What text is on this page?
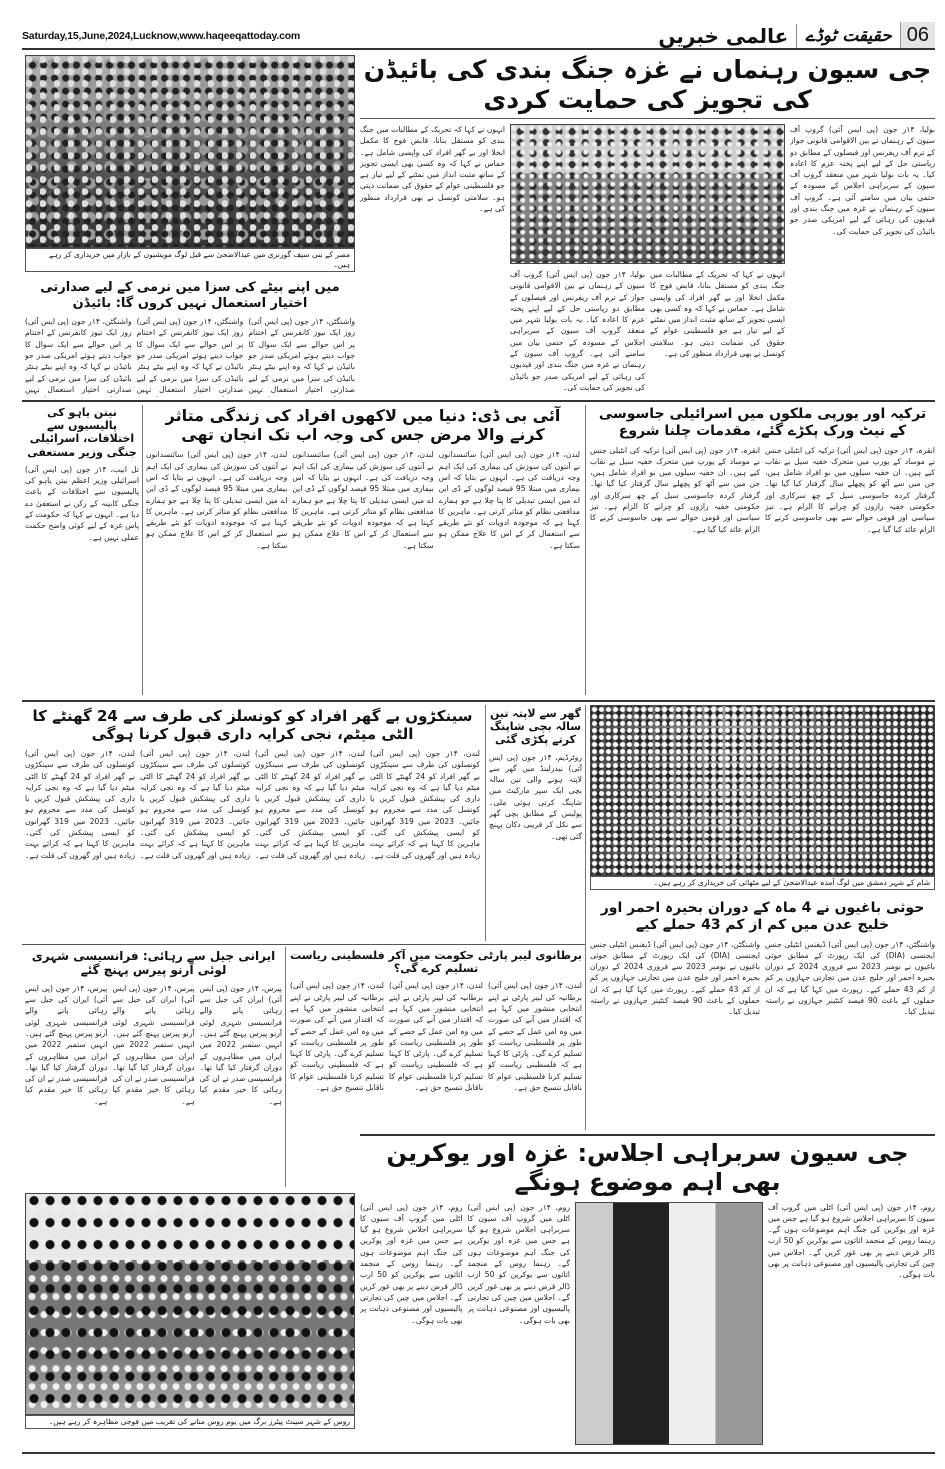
Saturday,15,June,2024,Lucknow,www.haqeeqattoday.com	06
حقیقت ٹوڈے
عالمی خبریں
مصر کے بنی سیف گورنری میں عیدالاضحیٰ سے قبل لوگ مویشیوں کے بازار میں خریداری کر رہے ہیں۔
جی سیون رہنماں نے غزہ جنگ بندی کی بائیڈن کی تجویز کی حمایت کردی
بولیا، ۱۴ر جون (پی ایس آئی) گروپ آف سیون کے رہنماں نے بین الاقوامی قانونی جواز کے ترم آف ریفرنس اور فیصلوں کے مطابق دو ریاستی حل کے لیے اپنے پختہ عزم کا اعادہ کیا۔ یہ بات بولیا شہر میں منعقد گروپ آف سیون کے سربراہی اجلاس کے مسودہ کے حتمی بیان میں سامنے آئی ہے۔ گروپ آف سیون کے رہنماں نے غزہ میں جنگ بندی اور قیدیوں کی رہائی کے لیے امریکی صدر جو بائیڈن کی تجویز کی حمایت کی۔
انہوں نے کہا کہ تحریک کے مطالبات میں جنگ بندی کو مستقل بنانا، قابض فوج کا مکمل انخلا اور بے گھر افراد کی واپسی شامل ہے۔ حماس نے کہا کہ وہ کسی بھی ایسی تجویز کے ساتھ مثبت انداز میں نمٹنے کے لیے تیار ہے جو فلسطینی عوام کے حقوق کی ضمانت دیتی ہو۔ سلامتی کونسل نے بھی قرارداد منظور کی ہے۔
بولیا، ۱۴ر جون (پی ایس آئی) گروپ آف سیون کے رہنماں نے بین الاقوامی قانونی جواز کے ترم آف ریفرنس اور فیصلوں کے مطابق دو ریاستی حل کے لیے اپنے پختہ عزم کا اعادہ کیا۔ یہ بات بولیا شہر میں منعقد گروپ آف سیون کے سربراہی اجلاس کے مسودہ کے حتمی بیان میں سامنے آئی ہے۔ گروپ آف سیون کے رہنماں نے غزہ میں جنگ بندی اور قیدیوں کی رہائی کے لیے امریکی صدر جو بائیڈن کی تجویز کی حمایت کی۔
انہوں نے کہا کہ تحریک کے مطالبات میں جنگ بندی کو مستقل بنانا، قابض فوج کا مکمل انخلا اور بے گھر افراد کی واپسی شامل ہے۔ حماس نے کہا کہ وہ کسی بھی ایسی تجویز کے ساتھ مثبت انداز میں نمٹنے کے لیے تیار ہے جو فلسطینی عوام کے حقوق کی ضمانت دیتی ہو۔ سلامتی کونسل نے بھی قرارداد منظور کی ہے۔
میں اپنے بیٹے کی سزا میں نرمی کے لیے صدارتی اختیار استعمال نہیں کروں گا: بائیڈن
واشنگٹن، ۱۴ر جون (پی ایس آئی) روز ایک نیوز کانفرنس کے اختتام پر اس حوالے سے ایک سوال کا جواب دیتے ہوئے امریکی صدر جو بائیڈن نے کہا کہ وہ اپنے بیٹے ہنٹر بائیڈن کی سزا میں نرمی کے لیے صدارتی اختیار استعمال نہیں
واشنگٹن، ۱۴ر جون (پی ایس آئی) روز ایک نیوز کانفرنس کے اختتام پر اس حوالے سے ایک سوال کا جواب دیتے ہوئے امریکی صدر جو بائیڈن نے کہا کہ وہ اپنے بیٹے ہنٹر بائیڈن کی سزا میں نرمی کے لیے صدارتی اختیار استعمال نہیں
واشنگٹن، ۱۴ر جون (پی ایس آئی) روز ایک نیوز کانفرنس کے اختتام پر اس حوالے سے ایک سوال کا جواب دیتے ہوئے امریکی صدر جو بائیڈن نے کہا کہ وہ اپنے بیٹے ہنٹر بائیڈن کی سزا میں نرمی کے لیے صدارتی اختیار استعمال نہیں
ترکیہ اور یورپی ملکوں میں اسرائیلی جاسوسی کے نیٹ ورک پکڑے گئے، مقدمات چلنا شروع
انقرہ، ۱۴ر جون (پی ایس آئی) ترکیہ کی انٹیلی جنس نے موساد کے یورپ میں متحرک خفیہ سیل بے نقاب کیے ہیں۔ ان خفیہ سیلوں میں نو افراد شامل ہیں، جن میں سے آٹھ کو پچھلے سال گرفتار کیا گیا تھا۔ گرفتار کردہ جاسوسی سیل کے چھ سرکاری اور حکومتی خفیہ رازوں کو چرانے کا الزام ہے۔ تیز سیاسی اور قومی حوالے سے بھی جاسوسی کرنے کا الزام عائد کیا گیا ہے۔
انقرہ، ۱۴ر جون (پی ایس آئی) ترکیہ کی انٹیلی جنس نے موساد کے یورپ میں متحرک خفیہ سیل بے نقاب کیے ہیں۔ ان خفیہ سیلوں میں نو افراد شامل ہیں، جن میں سے آٹھ کو پچھلے سال گرفتار کیا گیا تھا۔ گرفتار کردہ جاسوسی سیل کے چھ سرکاری اور حکومتی خفیہ رازوں کو چرانے کا الزام ہے۔ تیز سیاسی اور قومی حوالے سے بھی جاسوسی کرنے کا الزام عائد کیا گیا ہے۔
آئی بی ڈی: دنیا میں لاکھوں افراد کی زندگی متاثر کرنے والا مرض جس کی وجہ اب تک انجان تھی
لندن، ۱۴ر جون (پی ایس آئی) سائنسدانوں نے آنتوں کی سوزش کی بیماری کی ایک اہم وجہ دریافت کی ہے۔ انہوں نے بتایا کہ اس بیماری میں مبتلا 95 فیصد لوگوں کے ڈی این اے میں ایسی تبدیلی کا پتا چلا ہے جو ہمارے مدافعتی نظام کو متاثر کرتی ہے۔ ماہرین کا کہنا ہے کہ موجودہ ادویات کو نئے طریقے سے استعمال کر کے اس کا علاج ممکن ہو سکتا ہے۔
لندن، ۱۴ر جون (پی ایس آئی) سائنسدانوں نے آنتوں کی سوزش کی بیماری کی ایک اہم وجہ دریافت کی ہے۔ انہوں نے بتایا کہ اس بیماری میں مبتلا 95 فیصد لوگوں کے ڈی این اے میں ایسی تبدیلی کا پتا چلا ہے جو ہمارے مدافعتی نظام کو متاثر کرتی ہے۔ ماہرین کا کہنا ہے کہ موجودہ ادویات کو نئے طریقے سے استعمال کر کے اس کا علاج ممکن ہو سکتا ہے۔
لندن، ۱۴ر جون (پی ایس آئی) سائنسدانوں نے آنتوں کی سوزش کی بیماری کی ایک اہم وجہ دریافت کی ہے۔ انہوں نے بتایا کہ اس بیماری میں مبتلا 95 فیصد لوگوں کے ڈی این اے میں ایسی تبدیلی کا پتا چلا ہے جو ہمارے مدافعتی نظام کو متاثر کرتی ہے۔ ماہرین کا کہنا ہے کہ موجودہ ادویات کو نئے طریقے سے استعمال کر کے اس کا علاج ممکن ہو سکتا ہے۔
نیتن یاہو کی پالیسیوں سے اختلافات، اسرائیلی جنگی وزیر مستعفی
تل ابیب، ۱۴ر جون (پی ایس آئی) اسرائیلی وزیر اعظم نیتن یاہو کی پالیسیوں سے اختلافات کے باعث جنگی کابینہ کے رکن نے استعفیٰ دے دیا ہے۔ انہوں نے کہا کہ حکومت کے پاس غزہ کے لیے کوئی واضح حکمت عملی نہیں ہے۔
سینکڑوں بے گھر افراد کو کونسلز کی طرف سے 24 گھنٹے کا الٹی میٹم، نجی کرایہ داری قبول کرنا ہوگی
لندن، ۱۴ر جون (پی ایس آئی) کونسلوں کی طرف سے سینکڑوں بے گھر افراد کو 24 گھنٹے کا الٹی میٹم دیا گیا ہے کہ وہ نجی کرایہ داری کی پیشکش قبول کریں یا کونسل کی مدد سے محروم ہو جائیں۔ 2023 میں 319 گھرانوں کو ایسی پیشکش کی گئی۔ ماہرین کا کہنا ہے کہ کرائے بہت زیادہ ہیں اور گھروں کی قلت ہے۔
لندن، ۱۴ر جون (پی ایس آئی) کونسلوں کی طرف سے سینکڑوں بے گھر افراد کو 24 گھنٹے کا الٹی میٹم دیا گیا ہے کہ وہ نجی کرایہ داری کی پیشکش قبول کریں یا کونسل کی مدد سے محروم ہو جائیں۔ 2023 میں 319 گھرانوں کو ایسی پیشکش کی گئی۔ ماہرین کا کہنا ہے کہ کرائے بہت زیادہ ہیں اور گھروں کی قلت ہے۔
لندن، ۱۴ر جون (پی ایس آئی) کونسلوں کی طرف سے سینکڑوں بے گھر افراد کو 24 گھنٹے کا الٹی میٹم دیا گیا ہے کہ وہ نجی کرایہ داری کی پیشکش قبول کریں یا کونسل کی مدد سے محروم ہو جائیں۔ 2023 میں 319 گھرانوں کو ایسی پیشکش کی گئی۔ ماہرین کا کہنا ہے کہ کرائے بہت زیادہ ہیں اور گھروں کی قلت ہے۔
لندن، ۱۴ر جون (پی ایس آئی) کونسلوں کی طرف سے سینکڑوں بے گھر افراد کو 24 گھنٹے کا الٹی میٹم دیا گیا ہے کہ وہ نجی کرایہ داری کی پیشکش قبول کریں یا کونسل کی مدد سے محروم ہو جائیں۔ 2023 میں 319 گھرانوں کو ایسی پیشکش کی گئی۔ ماہرین کا کہنا ہے کہ کرائے بہت زیادہ ہیں اور گھروں کی قلت ہے۔
گھر سے لاپتہ تین سالہ بچی شاپنگ کرتے پکڑی گئی
روٹرڈیم، ۱۴ر جون (پی ایس آئی) نیدرلینڈ میں گھر سے لاپتہ ہونے والی تین سالہ بچی ایک سپر مارکیٹ میں شاپنگ کرتی ہوئی ملی۔ پولیس کے مطابق بچی گھر سے نکل کر قریبی دکان پہنچ گئی تھی۔
شام کے شہر دمشق میں لوگ آمدہ عیدالاضحیٰ کے لیے مٹھائی کی خریداری کر رہے ہیں۔
حوثی باغیوں نے 4 ماہ کے دوران بحیرہ احمر اور خلیج عدن میں کم از کم 43 حملے کیے
واشنگٹن، ۱۴ر جون (پی ایس آئی) ڈیفنس انٹیلی جنس ایجنسی (DIA) کی ایک رپورٹ کے مطابق حوثی باغیوں نے نومبر 2023 سے فروری 2024 کے دوران بحیرہ احمر اور خلیج عدن میں تجارتی جہازوں پر کم از کم 43 حملے کیے۔ رپورٹ میں کہا گیا ہے کہ ان حملوں کے باعث 90 فیصد کنٹینر جہازوں نے راستہ تبدیل کیا۔
واشنگٹن، ۱۴ر جون (پی ایس آئی) ڈیفنس انٹیلی جنس ایجنسی (DIA) کی ایک رپورٹ کے مطابق حوثی باغیوں نے نومبر 2023 سے فروری 2024 کے دوران بحیرہ احمر اور خلیج عدن میں تجارتی جہازوں پر کم از کم 43 حملے کیے۔ رپورٹ میں کہا گیا ہے کہ ان حملوں کے باعث 90 فیصد کنٹینر جہازوں نے راستہ تبدیل کیا۔
برطانوی لیبر پارٹی حکومت میں آکر فلسطینی ریاست تسلیم کرے گی؟
لندن، ۱۴ر جون (پی ایس آئی) برطانیہ کی لیبر پارٹی نے اپنے انتخابی منشور میں کہا ہے کہ اقتدار میں آنے کی صورت میں وہ امن عمل کے حصے کے طور پر فلسطینی ریاست کو تسلیم کرے گی۔ پارٹی کا کہنا ہے کہ فلسطینی ریاست کو تسلیم کرنا فلسطینی عوام کا ناقابل تنسیخ حق ہے۔
لندن، ۱۴ر جون (پی ایس آئی) برطانیہ کی لیبر پارٹی نے اپنے انتخابی منشور میں کہا ہے کہ اقتدار میں آنے کی صورت میں وہ امن عمل کے حصے کے طور پر فلسطینی ریاست کو تسلیم کرے گی۔ پارٹی کا کہنا ہے کہ فلسطینی ریاست کو تسلیم کرنا فلسطینی عوام کا ناقابل تنسیخ حق ہے۔
لندن، ۱۴ر جون (پی ایس آئی) برطانیہ کی لیبر پارٹی نے اپنے انتخابی منشور میں کہا ہے کہ اقتدار میں آنے کی صورت میں وہ امن عمل کے حصے کے طور پر فلسطینی ریاست کو تسلیم کرے گی۔ پارٹی کا کہنا ہے کہ فلسطینی ریاست کو تسلیم کرنا فلسطینی عوام کا ناقابل تنسیخ حق ہے۔
ایرانی جیل سے رہائی: فرانسیسی شہری لوئی آرنو پیرس پہنچ گئے
پیرس، ۱۴ر جون (پی ایس آئی) ایران کی جیل سے رہائی پانے والے فرانسیسی شہری لوئی آرنو پیرس پہنچ گئے ہیں۔ انہیں ستمبر 2022 میں ایران میں مظاہروں کے دوران گرفتار کیا گیا تھا۔ فرانسیسی صدر نے ان کی رہائی کا خیر مقدم کیا ہے۔
پیرس، ۱۴ر جون (پی ایس آئی) ایران کی جیل سے رہائی پانے والے فرانسیسی شہری لوئی آرنو پیرس پہنچ گئے ہیں۔ انہیں ستمبر 2022 میں ایران میں مظاہروں کے دوران گرفتار کیا گیا تھا۔ فرانسیسی صدر نے ان کی رہائی کا خیر مقدم کیا ہے۔
پیرس، ۱۴ر جون (پی ایس آئی) ایران کی جیل سے رہائی پانے والے فرانسیسی شہری لوئی آرنو پیرس پہنچ گئے ہیں۔ انہیں ستمبر 2022 میں ایران میں مظاہروں کے دوران گرفتار کیا گیا تھا۔ فرانسیسی صدر نے ان کی رہائی کا خیر مقدم کیا ہے۔
جی سیون سربراہی اجلاس: غزہ اور یوکرین بھی اہم موضوع ہونگے
روم، ۱۴ر جون (پی ایس آئی) اٹلی میں گروپ آف سیون کا سربراہی اجلاس شروع ہو گیا ہے جس میں غزہ اور یوکرین کی جنگ اہم موضوعات ہوں گے۔ رہنما روس کے منجمد اثاثوں سے یوکرین کو 50 ارب ڈالر قرض دینے پر بھی غور کریں گے۔ اجلاس میں چین کی تجارتی پالیسیوں اور مصنوعی ذہانت پر بھی بات ہوگی۔
روم، ۱۴ر جون (پی ایس آئی) اٹلی میں گروپ آف سیون کا سربراہی اجلاس شروع ہو گیا ہے جس میں غزہ اور یوکرین کی جنگ اہم موضوعات ہوں گے۔ رہنما روس کے منجمد اثاثوں سے یوکرین کو 50 ارب ڈالر قرض دینے پر بھی غور کریں گے۔ اجلاس میں چین کی تجارتی پالیسیوں اور مصنوعی ذہانت پر بھی بات ہوگی۔
روم، ۱۴ر جون (پی ایس آئی) اٹلی میں گروپ آف سیون کا سربراہی اجلاس شروع ہو گیا ہے جس میں غزہ اور یوکرین کی جنگ اہم موضوعات ہوں گے۔ رہنما روس کے منجمد اثاثوں سے یوکرین کو 50 ارب ڈالر قرض دینے پر بھی غور کریں گے۔ اجلاس میں چین کی تجارتی پالیسیوں اور مصنوعی ذہانت پر بھی بات ہوگی۔
روس کے شہر سینٹ پیٹرز برگ میں یوم روس منانے کی تقریب میں فوجی مظاہرہ کر رہے ہیں۔
